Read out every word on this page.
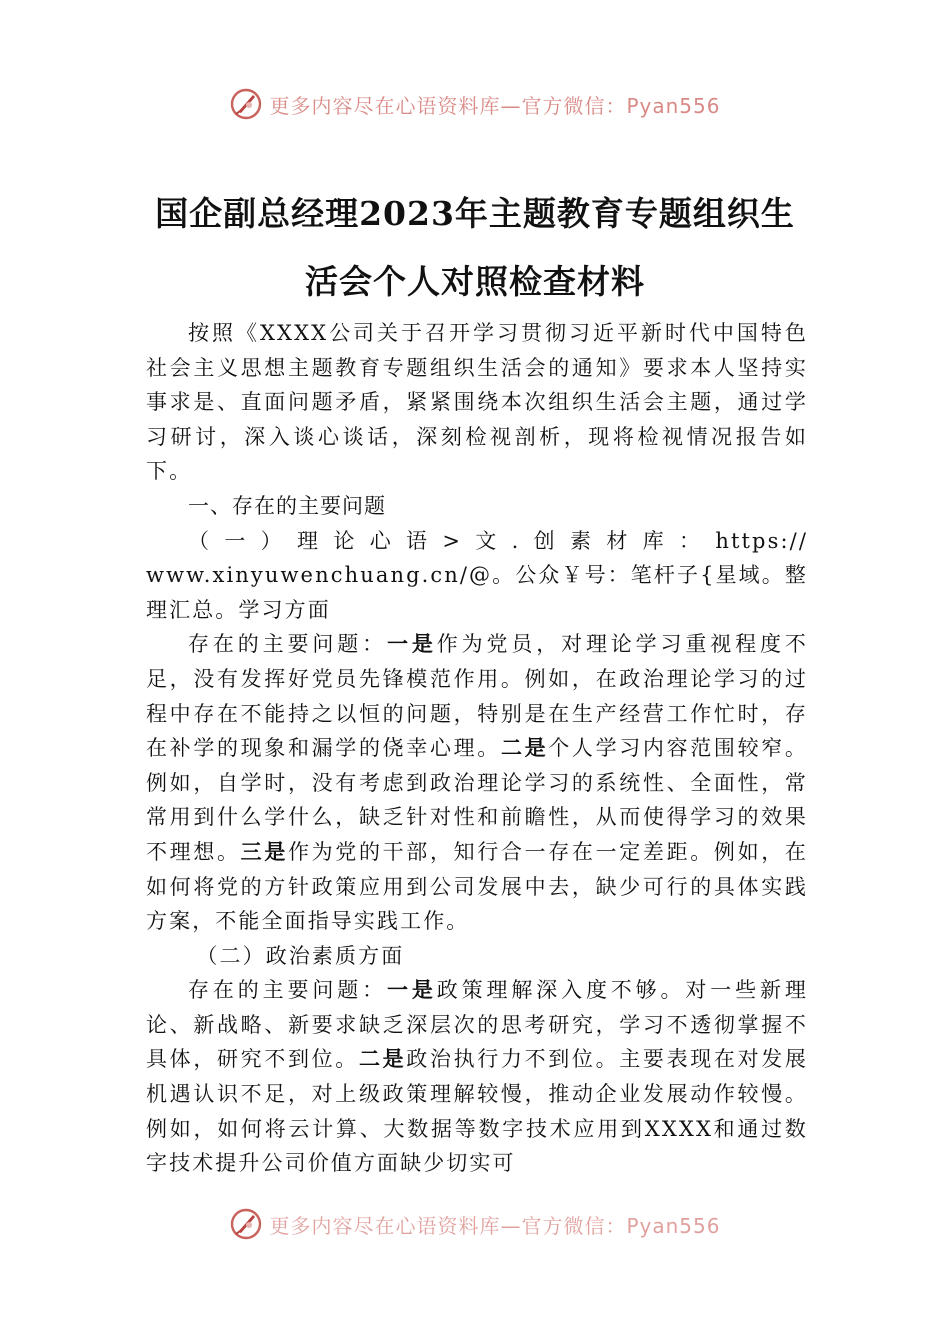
更多内容尽在心语资料库—官方微信：Pyan556
国企副总经理2023年主题教育专题组织生
活会个人对照检查材料

按照《XXXX公司关于召开学习贯彻习近平新时代中国特色社会主义思想主题教育专题组织生活会的通知》要求本人坚持实事求是、直面问题矛盾，紧紧围绕本次组织生活会主题，通过学习研讨，深入谈心谈话，深刻检视剖析，现将检视情况报告如下。

一、存在的主要问题

（一）理论心语>文.创素材库：https://

www.xinyuwenchuang.cn/@。公众￥号：笔杆子{星域。整理汇总。学习方面

存在的主要问题：一是作为党员，对理论学习重视程度不足，没有发挥好党员先锋模范作用。例如，在政治理论学习的过程中存在不能持之以恒的问题，特别是在生产经营工作忙时，存在补学的现象和漏学的侥幸心理。二是个人学习内容范围较窄。例如，自学时，没有考虑到政治理论学习的系统性、全面性，常常用到什么学什么，缺乏针对性和前瞻性，从而使得学习的效果不理想。三是作为党的干部，知行合一存在一定差距。例如，在如何将党的方针政策应用到公司发展中去，缺少可行的具体实践方案，不能全面指导实践工作。

（二）政治素质方面

存在的主要问题：一是政策理解深入度不够。对一些新理论、新战略、新要求缺乏深层次的思考研究，学习不透彻掌握不具体，研究不到位。二是政治执行力不到位。主要表现在对发展机遇认识不足，对上级政策理解较慢，推动企业发展动作较慢。例如，如何将云计算、大数据等数字技术应用到XXXX和通过数字技术提升公司价值方面缺少切实可

更多内容尽在心语资料库—官方微信：Pyan556
